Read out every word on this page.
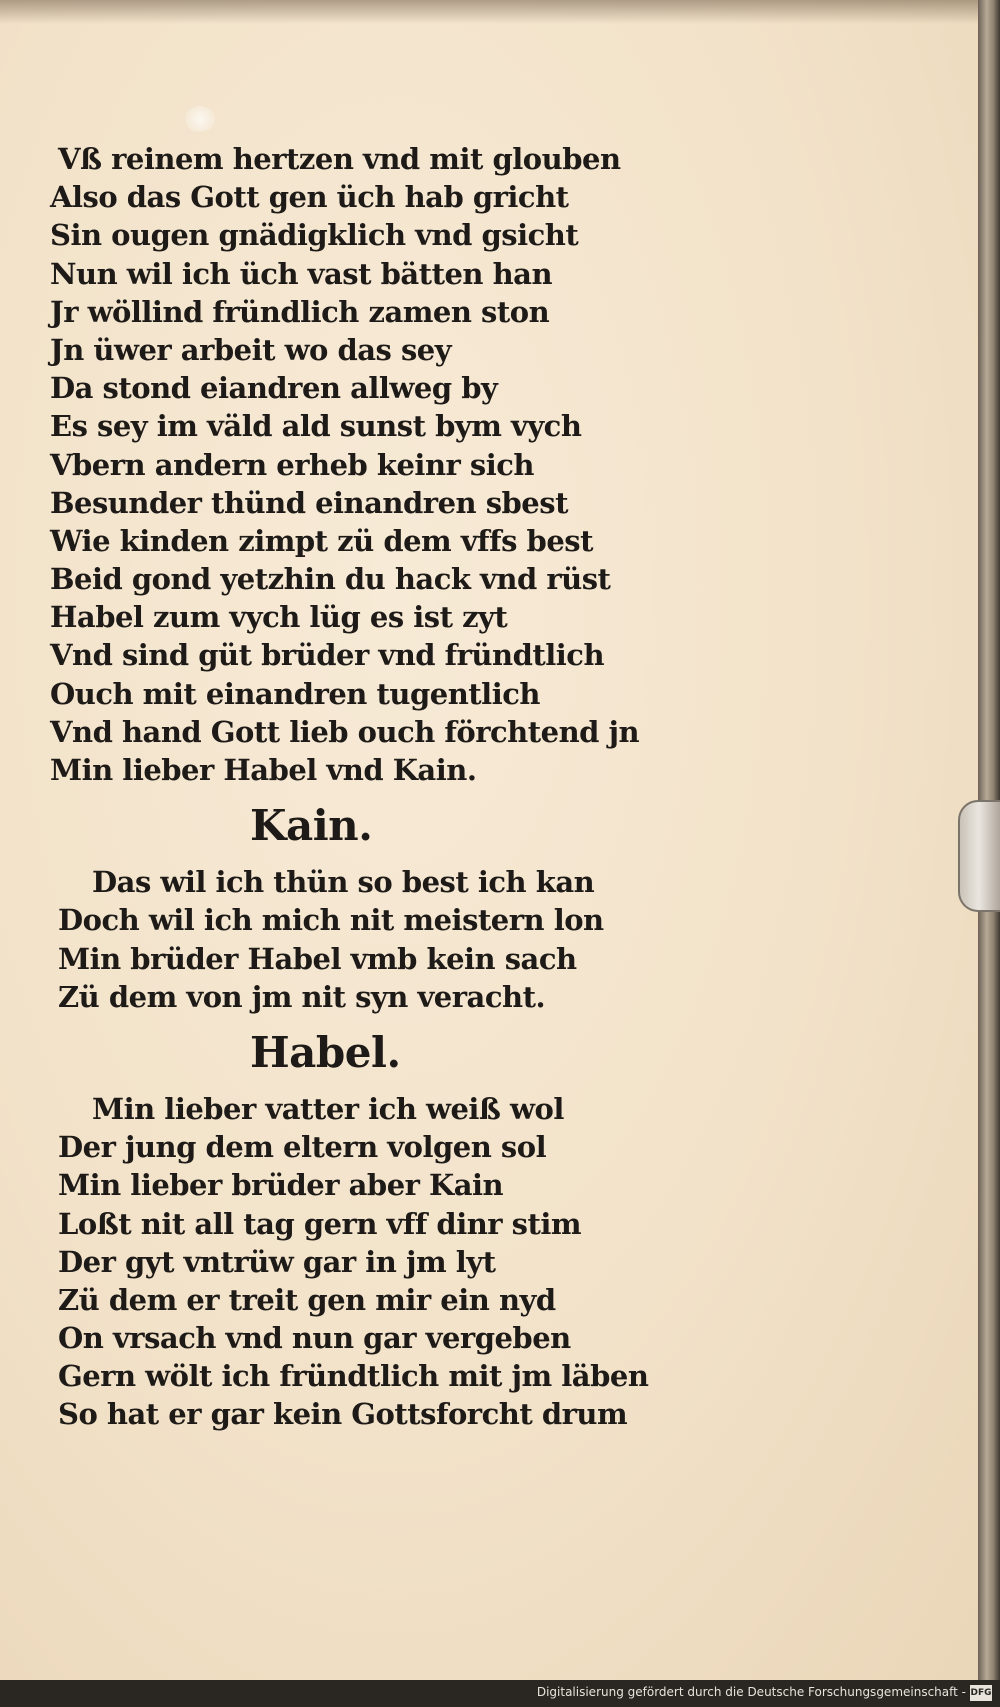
Vß reinem hertzen vnd mit glouben
Also das Gott gen üch hab gricht
Sin ougen gnädigklich vnd gsicht
Nun wil ich üch vast bätten han
Jr wöllind fründlich zamen ston
Jn üwer arbeit wo das sey
Da stond eiandren allweg by
Es sey im väld ald sunst bym vych
Vbern andern erheb keinr sich
Besunder thünd einandren sbest
Wie kinden zimpt zü dem vffs best
Beid gond yetzhin du hack vnd rüst
Habel zum vych lüg es ist zyt
Vnd sind güt brüder vnd fründtlich
Ouch mit einandren tugentlich
Vnd hand Gott lieb ouch förchtend jn
Min lieber Habel vnd Kain.
Kain.
Das wil ich thün so best ich kan
Doch wil ich mich nit meistern lon
Min brüder Habel vmb kein sach
Zü dem von jm nit syn veracht.
Habel.
Min lieber vatter ich weiß wol
Der jung dem eltern volgen sol
Min lieber brüder aber Kain
Loßt nit all tag gern vff dinr stim
Der gyt vntrüw gar in jm lyt
Zü dem er treit gen mir ein nyd
On vrsach vnd nun gar vergeben
Gern wölt ich fründtlich mit jm läben
So hat er gar kein Gottsforcht drum
Digitalisierung gefördert durch die Deutsche Forschungsgemeinschaft - DFG
